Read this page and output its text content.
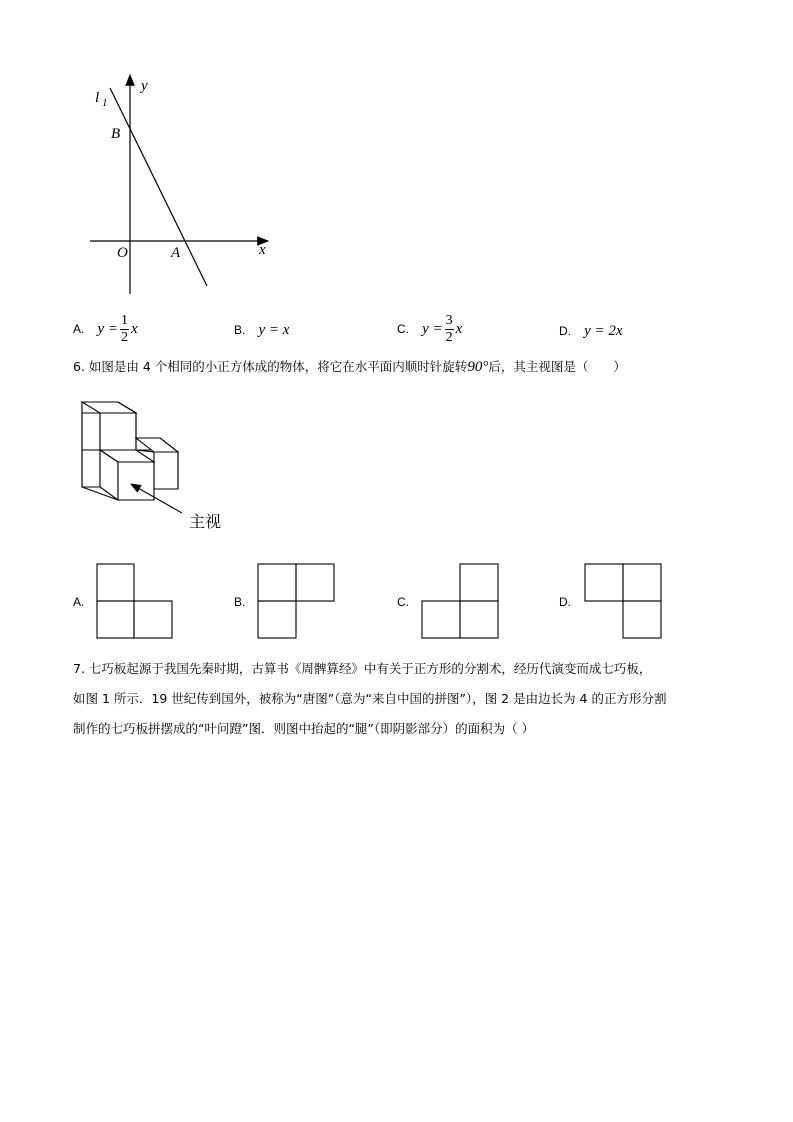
l 1
y
x
B
O	A
A. $y = \frac{1}{2}$ x	B. y = x	C. $y = \frac{3}{2}$ x	D. y = 2x
6. 如图是由 4 个相同的小正方体成的物体，将它在水平面内顺时针旋转90°后，其主视图是（　　）
主视
A.	B.	C.	D.
7. 七巧板起源于我国先秦时期，古算书《周髀算经》中有关于正方形的分割术，经历代演变而成七巧板，
如图 1 所示．19 世纪传到国外，被称为“唐图”（意为“来自中国的拼图”），图 2 是由边长为 4 的正方形分割
制作的七巧板拼摆成的“叶问蹬”图．则图中抬起的“腿”（即阴影部分）的面积为（ ）
